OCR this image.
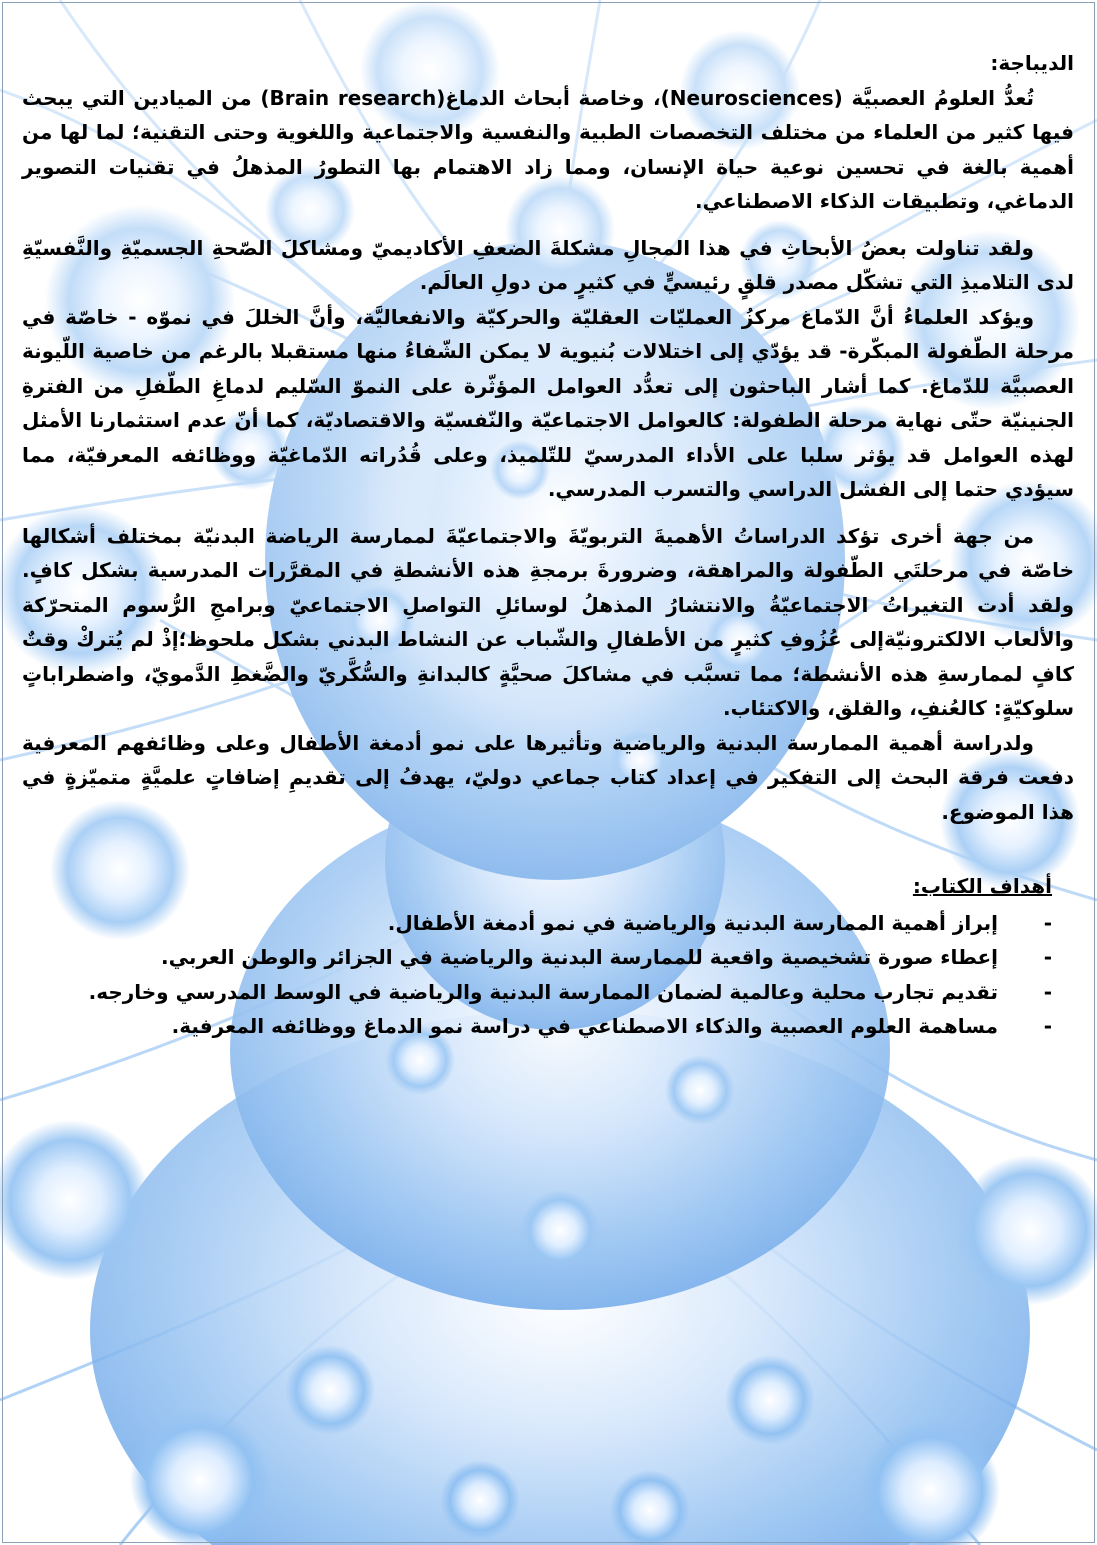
الديباجة:

تُعدُّ العلومُ العصبيَّة (Neurosciences)، وخاصة أبحاث الدماغ(Brain research) من الميادين التي يبحث فيها كثير من العلماء من مختلف التخصصات الطبية والنفسية والاجتماعية واللغوية وحتى التقنية؛ لما لها من أهمية بالغة في تحسين نوعية حياة الإنسان، ومما زاد الاهتمام بها التطورُ المذهلُ في تقنيات التصوير الدماغي، وتطبيقات الذكاء الاصطناعي.

ولقد تناولت بعضُ الأبحاثِ في هذا المجالِ مشكلةَ الضعفِ الأكاديميّ ومشاكلَ الصّحةِ الجسميّةِ والنَّفسيّةِ لدى التلاميذِ التي تشكّل مصدر قلقٍ رئيسيٍّ في كثيرٍ من دولِ العالَم.

ويؤكد العلماءُ أنَّ الدّماغ مركزُ العمليّات العقليّة والحركيّة والانفعاليَّة، وأنَّ الخللَ في نموّه - خاصّة في مرحلة الطّفولة المبكّرة- قد يؤدّي إلى اختلالات بُنيوية لا يمكن الشّفاءُ منها مستقبلا بالرغم من خاصية اللّيونة العصبيَّة للدّماغ. كما أشار الباحثون إلى تعدُّد العوامل المؤثّرة على النموّ السّليم لدماغِ الطّفلِ من الفترةِ الجنينيّة حتّى نهاية مرحلة الطفولة: كالعوامل الاجتماعيّة والنّفسيّة والاقتصاديّة، كما أنّ عدم استثمارنا الأمثل لهذه العوامل قد يؤثر سلبا على الأداء المدرسيّ للتّلميذ، وعلى قُدُراته الدّماغيّة ووظائفه المعرفيّة، مما سيؤدي حتما إلى الفشل الدراسي والتسرب المدرسي.

من جهة أخرى تؤكد الدراساتُ الأهميةَ التربويّةَ والاجتماعيّةَ لممارسة الرياضة البدنيّة بمختلف أشكالها خاصّة في مرحلتَي الطّفولة والمراهقة، وضرورةَ برمجةِ هذه الأنشطةِ في المقرَّرات المدرسية بشكل كافٍ. ولقد أدت التغيراتُ الاجتماعيّةُ والانتشارُ المذهلُ لوسائلِ التواصلِ الاجتماعيّ وبرامجِ الرُّسوم المتحرّكة والألعاب الالكترونيّةإلى عُزُوفِ كثيرٍ من الأطفالِ والشّباب عن النشاط البدني بشكل ملحوظ؛إذْ لم يُتركْ وقتٌ كافٍ لممارسةِ هذه الأنشطة؛ مما تسبَّب في مشاكلَ صحيَّةٍ كالبدانةِ والسُّكَّريّ والضَّغطِ الدَّمويّ، واضطراباتٍ سلوكيّةٍ: كالعُنفِ، والقلق، والاكتئاب.

ولدراسة أهمية الممارسة البدنية والرياضية وتأثيرها على نمو أدمغة الأطفال وعلى وظائفهم المعرفية دفعت فرقة البحث إلى التفكير في إعداد كتاب جماعي دوليّ، يهدفُ إلى تقديمِ إضافاتٍ علميَّةٍ متميّزةٍ في هذا الموضوع.

أهداف الكتاب:

-
إبراز أهمية الممارسة البدنية والرياضية في نمو أدمغة الأطفال.
-
إعطاء صورة تشخيصية واقعية للممارسة البدنية والرياضية في الجزائر والوطن العربي.
-
تقديم تجارب محلية وعالمية لضمان الممارسة البدنية والرياضية في الوسط المدرسي وخارجه.
-
مساهمة العلوم العصبية والذكاء الاصطناعي في دراسة نمو الدماغ ووظائفه المعرفية.
